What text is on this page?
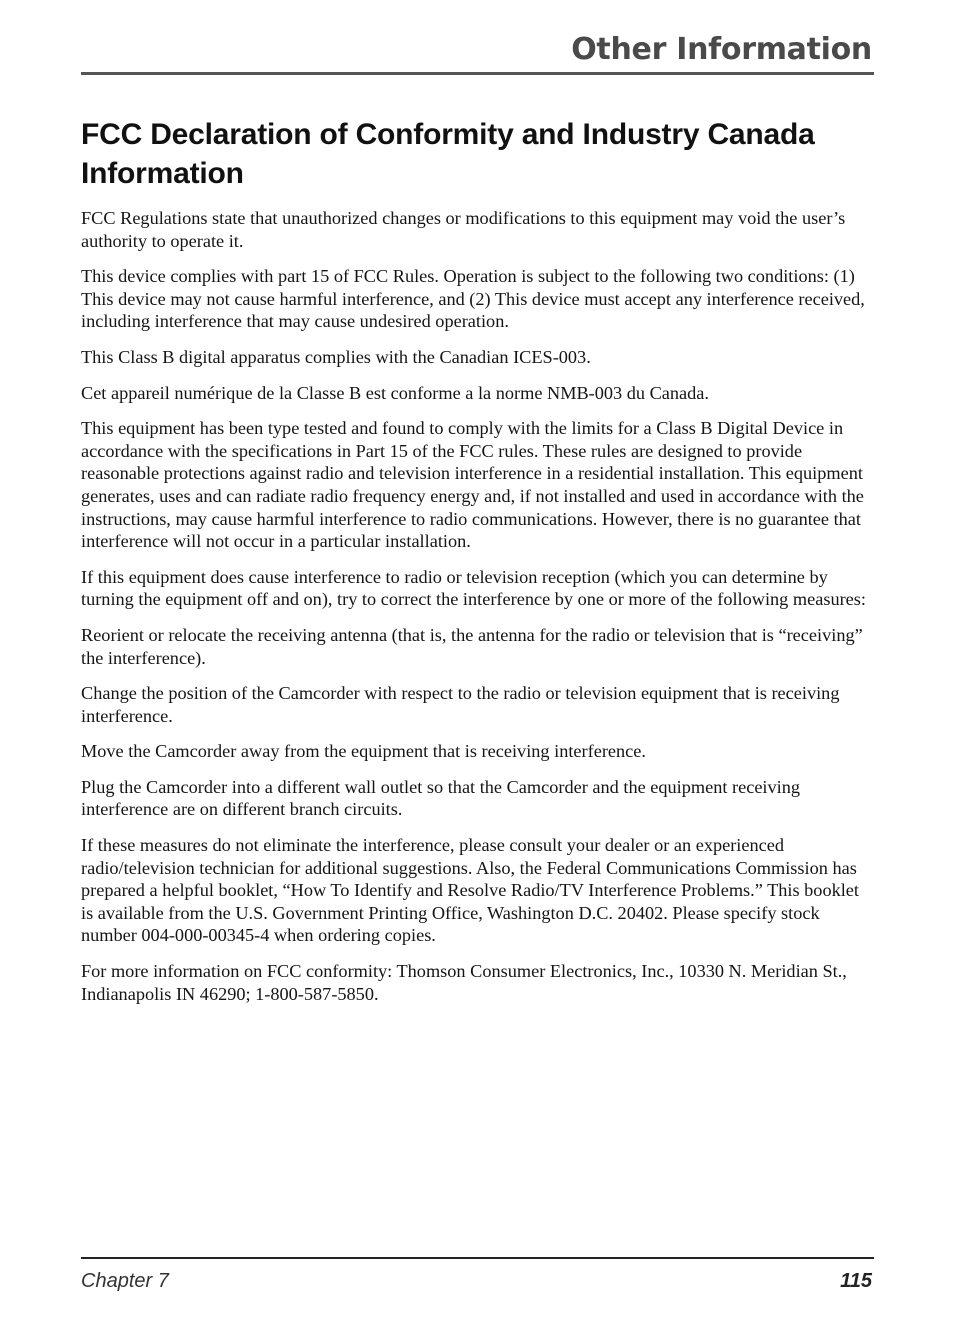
Other Information
FCC Declaration of Conformity and Industry Canada Information

FCC Regulations state that unauthorized changes or modifications to this equipment may void the user’s authority to operate it.

This device complies with part 15 of FCC Rules. Operation is subject to the following two conditions: (1) This device may not cause harmful interference, and (2) This device must accept any interference received, including interference that may cause undesired operation.

This Class B digital apparatus complies with the Canadian ICES-003.

Cet appareil numérique de la Classe B est conforme a la norme NMB-003 du Canada.

This equipment has been type tested and found to comply with the limits for a Class B Digital Device in accordance with the specifications in Part 15 of the FCC rules. These rules are designed to provide reasonable protections against radio and television interference in a residential installation. This equipment generates, uses and can radiate radio frequency energy and, if not installed and used in accordance with the instructions, may cause harmful interference to radio communications. However, there is no guarantee that interference will not occur in a particular installation.

If this equipment does cause interference to radio or television reception (which you can determine by turning the equipment off and on), try to correct the interference by one or more of the following measures:

Reorient or relocate the receiving antenna (that is, the antenna for the radio or television that is “receiving” the interference).

Change the position of the Camcorder with respect to the radio or television equipment that is receiving interference.

Move the Camcorder away from the equipment that is receiving interference.

Plug the Camcorder into a different wall outlet so that the Camcorder and the equipment receiving interference are on different branch circuits.

If these measures do not eliminate the interference, please consult your dealer or an experienced radio/television technician for additional suggestions. Also, the Federal Communications Commission has prepared a helpful booklet, “How To Identify and Resolve Radio/TV Interference Problems.” This booklet is available from the U.S. Government Printing Office, Washington D.C. 20402. Please specify stock number 004-000-00345-4 when ordering copies.

For more information on FCC conformity: Thomson Consumer Electronics, Inc., 10330 N. Meridian St., Indianapolis IN 46290; 1-800-587-5850.

Chapter 7	115
